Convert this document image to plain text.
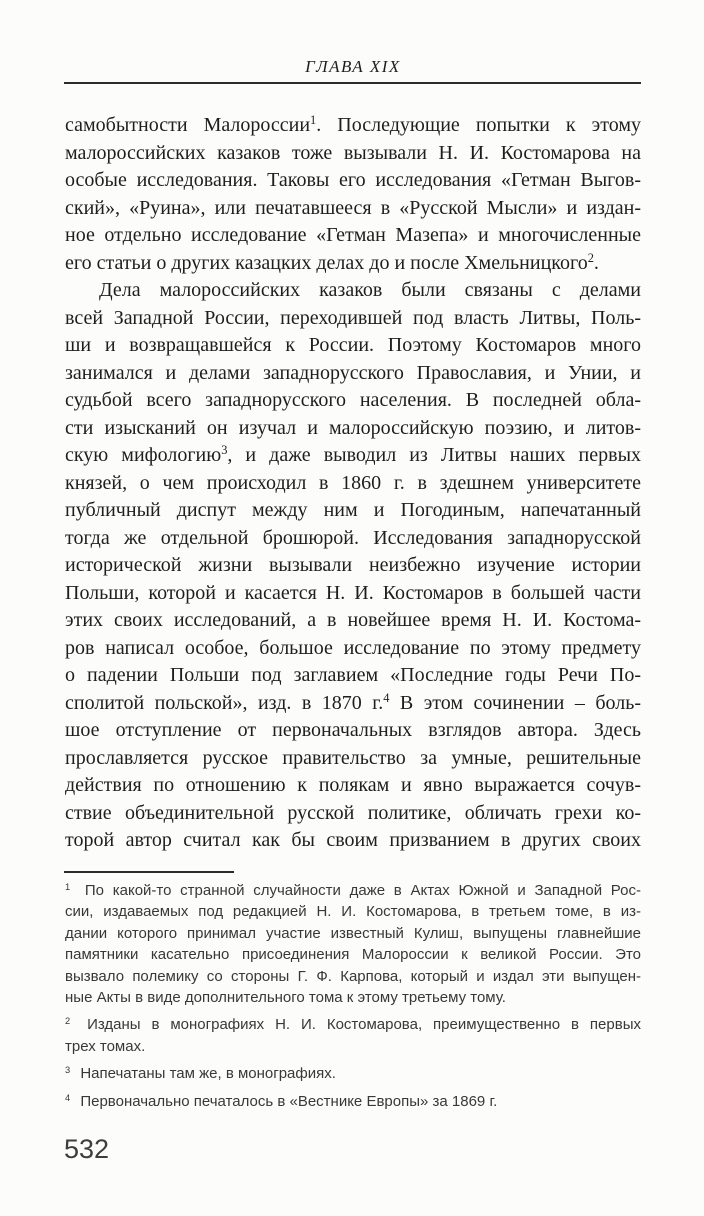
ГЛАВА XIX
самобытности Малороссии$^1$. Последующие попытки к этому
малороссийских казаков тоже вызывали Н. И. Костомарова на
особые исследования. Таковы его исследования «Гетман Выгов-
ский», «Руина», или печатавшееся в «Русской Мысли» и издан-
ное отдельно исследование «Гетман Мазепа» и многочисленные
его статьи о других казацких делах до и после Хмельницкого$^2$.
Дела малороссийских казаков были связаны с делами
всей Западной России, переходившей под власть Литвы, Поль-
ши и возвращавшейся к России. Поэтому Костомаров много
занимался и делами западнорусского Православия, и Унии, и
судьбой всего западнорусского населения. В последней обла-
сти изысканий он изучал и малороссийскую поэзию, и литов-
скую мифологию$^3$, и даже выводил из Литвы наших первых
князей, о чем происходил в 1860 г. в здешнем университете
публичный диспут между ним и Погодиным, напечатанный
тогда же отдельной брошюрой. Исследования западнорусской
исторической жизни вызывали неизбежно изучение истории
Польши, которой и касается Н. И. Костомаров в большей части
этих своих исследований, а в новейшее время Н. И. Костома-
ров написал особое, большое исследование по этому предмету
о падении Польши под заглавием «Последние годы Речи По-
сполитой польской», изд. в 1870 г.$^4$ В этом сочинении – боль-
шое отступление от первоначальных взглядов автора. Здесь
прославляется русское правительство за умные, решительные
действия по отношению к полякам и явно выражается сочув-
ствие объединительной русской политике, обличать грехи ко-
торой автор считал как бы своим призванием в других своих
$^1$ По какой-то странной случайности даже в Актах Южной и Западной Рос-
сии, издаваемых под редакцией Н. И. Костомарова, в третьем томе, в из-
дании которого принимал участие известный Кулиш, выпущены главнейшие
памятники касательно присоединения Малороссии к великой России. Это
вызвало полемику со стороны Г. Ф. Карпова, который и издал эти выпущен-
ные Акты в виде дополнительного тома к этому третьему тому.
$^2$ Изданы в монографиях Н. И. Костомарова, преимущественно в первых
трех томах.
$^3$ Напечатаны там же, в монографиях.
$^4$ Первоначально печаталось в «Вестнике Европы» за 1869 г.
532
